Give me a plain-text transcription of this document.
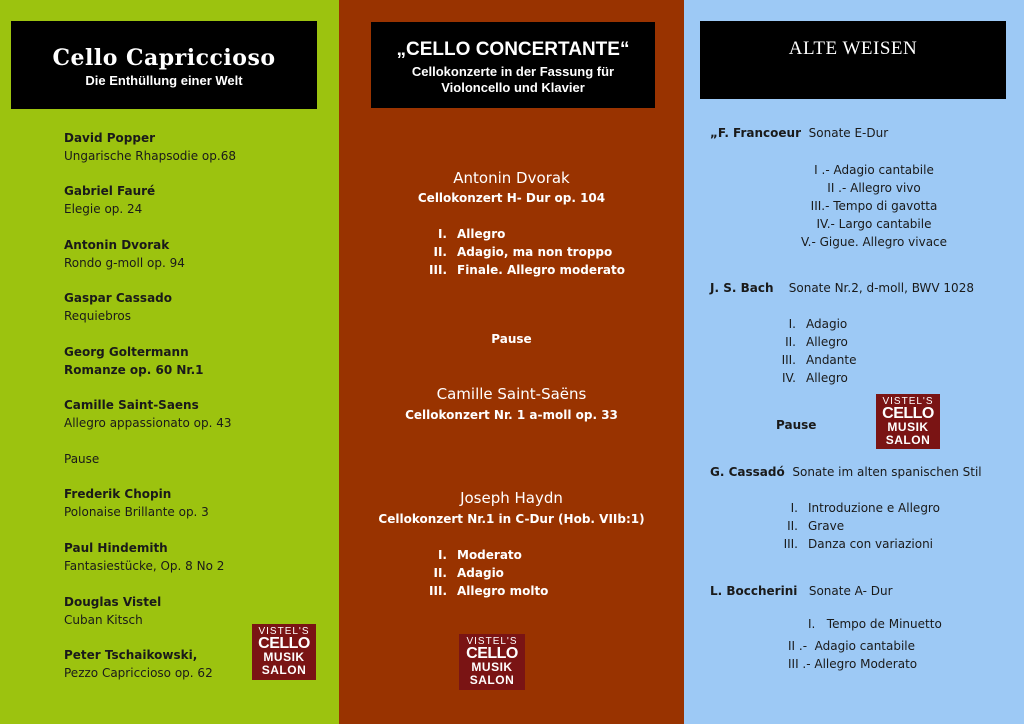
Cello Capriccioso
Die Enthüllung einer Welt
David Popper
Ungarische Rhapsodie op.68
Gabriel Fauré
Elegie op. 24
Antonin Dvorak
Rondo g-moll op. 94
Gaspar Cassado
Requiebros
Georg Goltermann
Romanze op. 60 Nr.1
Camille Saint-Saens
Allegro appassionato op. 43
Pause
Frederik Chopin
Polonaise Brillante op. 3
Paul Hindemith
Fantasiestücke, Op. 8 No 2
Douglas Vistel
Cuban Kitsch
Peter Tschaikowski,
Pezzo Capriccioso op. 62
VISTEL'S
CELLO
MUSIK
SALON
„CELLO CONCERTANTE“
Cellokonzerte in der Fassung für
Violoncello und Klavier
Antonin Dvorak
Cellokonzert H- Dur op. 104
I. Allegro
II. Adagio, ma non troppo
III. Finale. Allegro moderato
Pause
Camille Saint-Saëns
Cellokonzert Nr. 1 a-moll op. 33
Joseph Haydn
Cellokonzert Nr.1 in C-Dur (Hob. VIIb:1)
I. Moderato
II. Adagio
III. Allegro molto
VISTEL'S
CELLO
MUSIK
SALON
ALTE WEISEN
„F. Francoeur Sonate E-Dur
I .- Adagio cantabile
II .- Allegro vivo
III.- Tempo di gavotta
IV.- Largo cantabile
V.- Gigue. Allegro vivace
J. S. Bach Sonate Nr.2, d-moll, BWV 1028
I. Adagio
II. Allegro
III. Andante
IV. Allegro
Pause
VISTEL'S
CELLO
MUSIK
SALON
G. Cassadó Sonate im alten spanischen Stil
I. Introduzione e Allegro
II. Grave
III. Danza con variazioni
L. Boccherini Sonate A- Dur
I.   Tempo de Minuetto
II .-  Adagio cantabile
III .- Allegro Moderato
